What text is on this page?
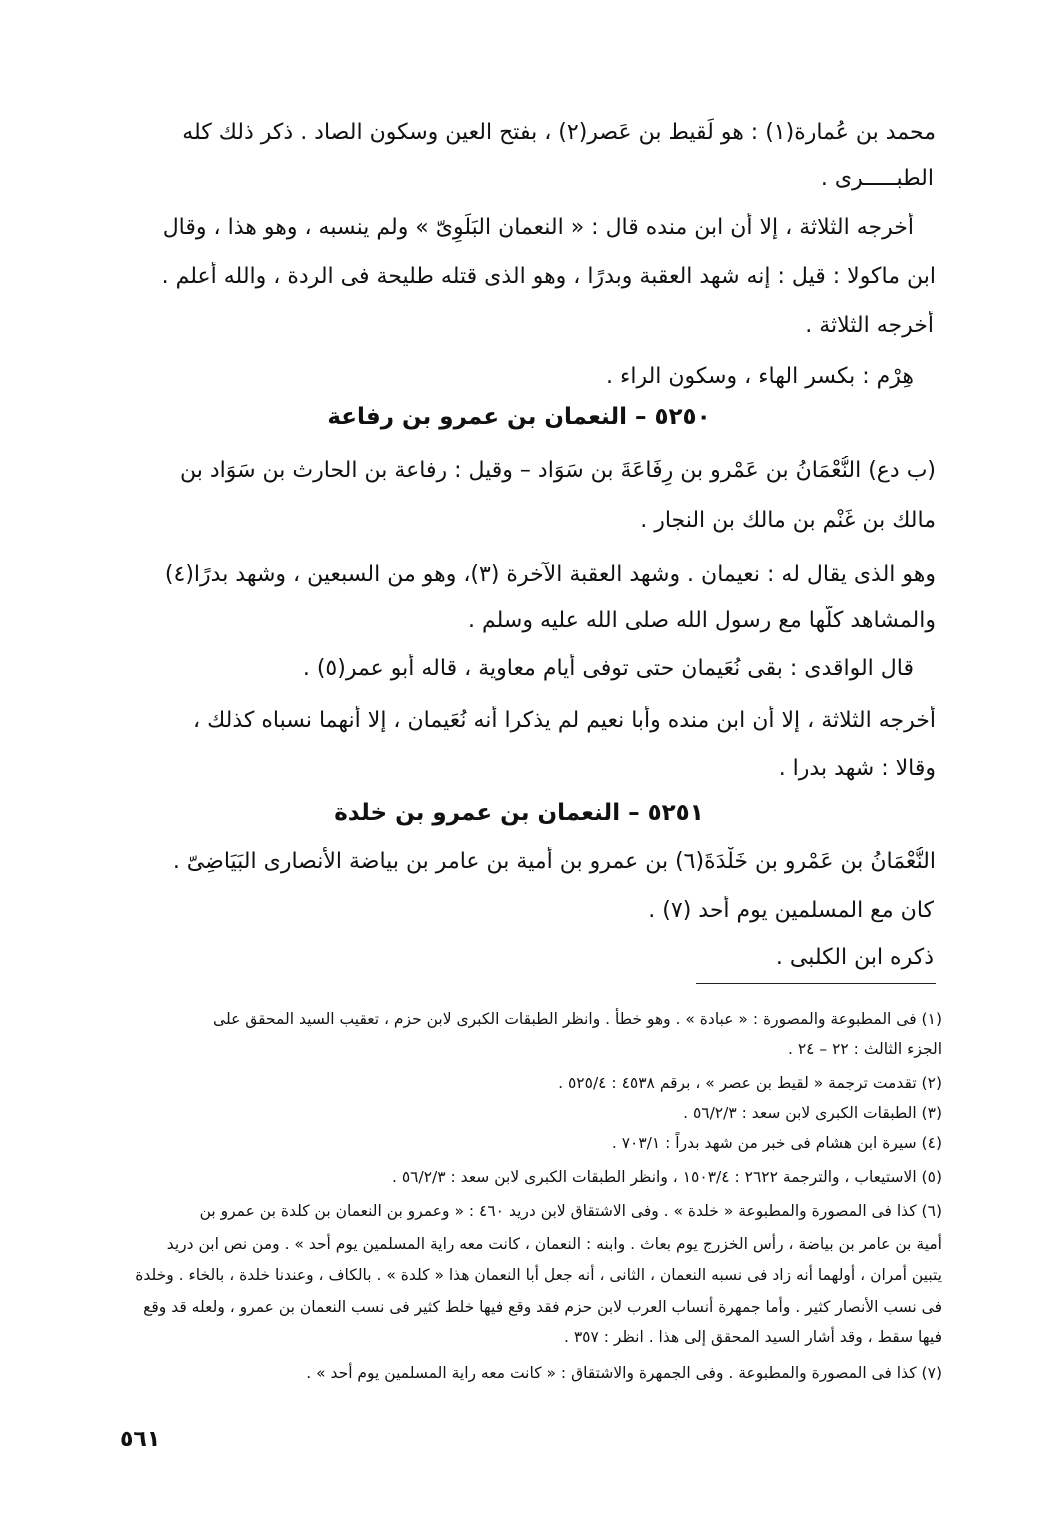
محمد بن عُمارة(١) : هو لَقيط بن عَصر(٢) ، بفتح العين وسكون الصاد . ذكر ذلك كله
الطبـــــرى .
أخرجه الثلاثة ، إلا أن ابن منده قال : « النعمان البَلَوِىّ » ولم ينسبه ، وهو هذا ، وقال
ابن ماكولا : قيل : إنه شهد العقبة وبدرًا ، وهو الذى قتله طليحة فى الردة ، والله أعلم .
أخرجه الثلاثة .
هِرْم : بكسر الهاء ، وسكون الراء .
٥٢٥٠ – النعمان بن عمرو بن رفاعة
(ب دع) النُّعْمَانُ بن عَمْرو بن رِفَاعَةَ بن سَوَاد – وقيل : رفاعة بن الحارث بن سَوَاد بن
مالك بن غَنْم بن مالك بن النجار .
وهو الذى يقال له : نعيمان . وشهد العقبة الآخرة (٣)، وهو من السبعين ، وشهد بدرًا(٤)
والمشاهد كلَّها مع رسول الله صلى الله عليه وسلم .
قال الواقدى : بقى نُعَيمان حتى توفى أيام معاوية ، قاله أبو عمر(٥) .
أخرجه الثلاثة ، إلا أن ابن منده وأبا نعيم لم يذكرا أنه نُعَيمان ، إلا أنهما نسباه كذلك ،
وقالا : شهد بدرا .
٥٢٥١ – النعمان بن عمرو بن خلدة
النُّعْمَانُ بن عَمْرو بن خَلْدَةَ(٦) بن عمرو بن أمية بن عامر بن بياضة الأنصارى البَيَاضِىّ .
كان مع المسلمين يوم أحد (٧) .
ذكره ابن الكلبى .
(١) فى المطبوعة والمصورة : « عبادة » . وهو خطأ . وانظر الطبقات الكبرى لابن حزم ، تعقيب السيد المحقق على
الجزء الثالث : ٢٢ – ٢٤ .
(٢) تقدمت ترجمة « لقيط بن عصر » ، برقم ٤٥٣٨ : ٥٢٥/٤ .
(٣) الطبقات الكبرى لابن سعد : ٥٦/٢/٣ .
(٤) سيرة ابن هشام فى خبر من شهد بدراً : ٧٠٣/١ .
(٥) الاستيعاب ، والترجمة ٢٦٢٢ : ١٥٠٣/٤ ، وانظر الطبقات الكبرى لابن سعد : ٥٦/٢/٣ .
(٦) كذا فى المصورة والمطبوعة « خلدة » . وفى الاشتقاق لابن دريد ٤٦٠ : « وعمرو بن النعمان بن كلدة بن عمرو بن
أمية بن عامر بن بياضة ، رأس الخزرج يوم بعاث . وابنه : النعمان ، كانت معه راية المسلمين يوم أحد » . ومن نص ابن دريد
يتبين أمران ، أولهما أنه زاد فى نسبه النعمان ، الثانى ، أنه جعل أبا النعمان هذا « كلدة » . بالكاف ، وعندنا خلدة ، بالخاء . وخلدة
فى نسب الأنصار كثير . وأما جمهرة أنساب العرب لابن حزم فقد وقع فيها خلط كثير فى نسب النعمان بن عمرو ، ولعله قد وقع
فيها سقط ، وقد أشار السيد المحقق إلى هذا . انظر : ٣٥٧ .
(٧) كذا فى المصورة والمطبوعة . وفى الجمهرة والاشتقاق : « كانت معه راية المسلمين يوم أحد » .
٥٦١
